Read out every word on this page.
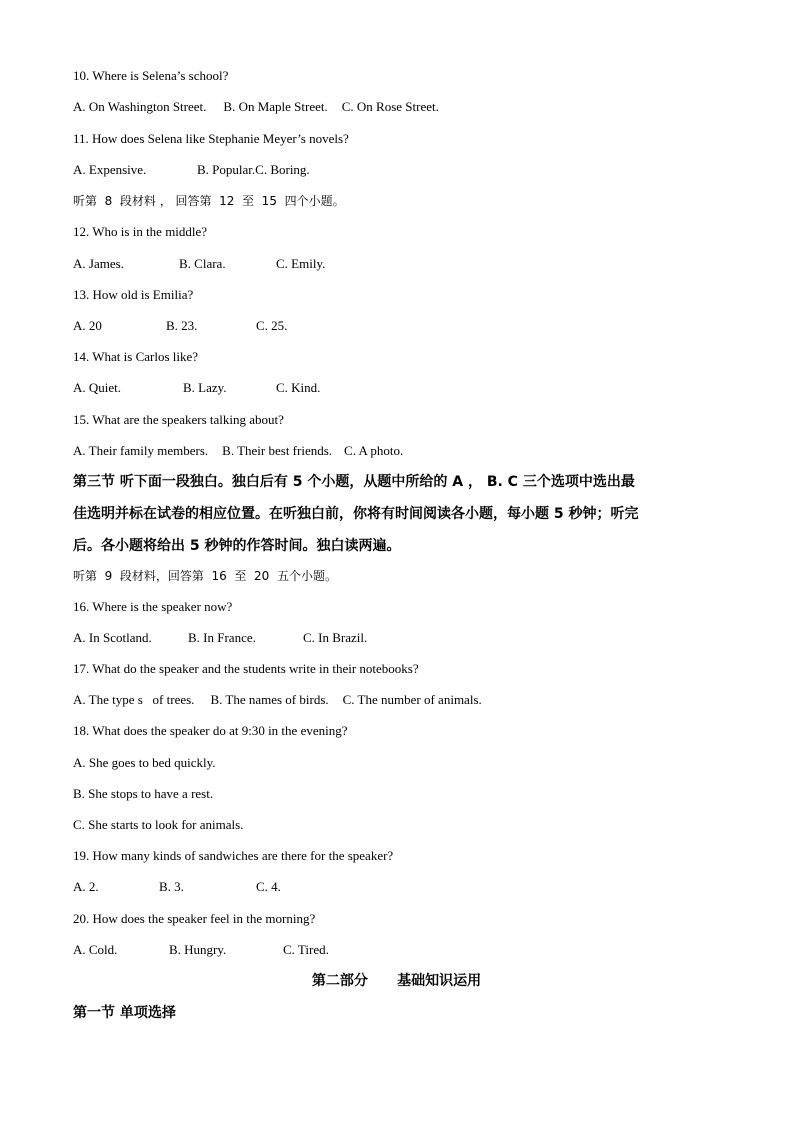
10. Where is Selena’s school?

A. On Washington Street. B. On Maple Street. C. On Rose Street.

11. How does Selena like Stephanie Meyer’s novels?

A. Expensive.	B. Popular.C. Boring.

听第  8  段材料 ， 回答第  12  至  15  四个小题。

12. Who is in the middle?

A. James.	B. Clara.	C. Emily.

13. How old is Emilia?

A. 20	B. 23.	C. 25.

14. What is Carlos like?

A. Quiet.	B. Lazy.	C. Kind.

15. What are the speakers talking about?

A. Their family members. B. Their best friends. C. A photo.

第三节 听下面一段独白。独白后有 5 个小题，从题中所给的 A ， B. C 三个选项中选出最

佳选明并标在试卷的相应位置。在听独白前，你将有时间阅读各小题，每小题 5 秒钟；听完

后。各小题将给出 5 秒钟的作答时间。独白读两遍。

听第  9  段材料，回答第  16  至  20  五个小题。

16. Where is the speaker now?

A. In Scotland.	B. In France.	C. In Brazil.

17. What do the speaker and the students write in their notebooks?

A. The type s   of trees. B. The names of birds. C. The number of animals.

18. What does the speaker do at 9:30 in the evening?

A. She goes to bed quickly.

B. She stops to have a rest.

C. She starts to look for animals.

19. How many kinds of sandwiches are there for the speaker?

A. 2.	B. 3.	C. 4.

20. How does the speaker feel in the morning?

A. Cold.	B. Hungry.	C. Tired.

第二部分      基础知识运用

第一节 单项选择
